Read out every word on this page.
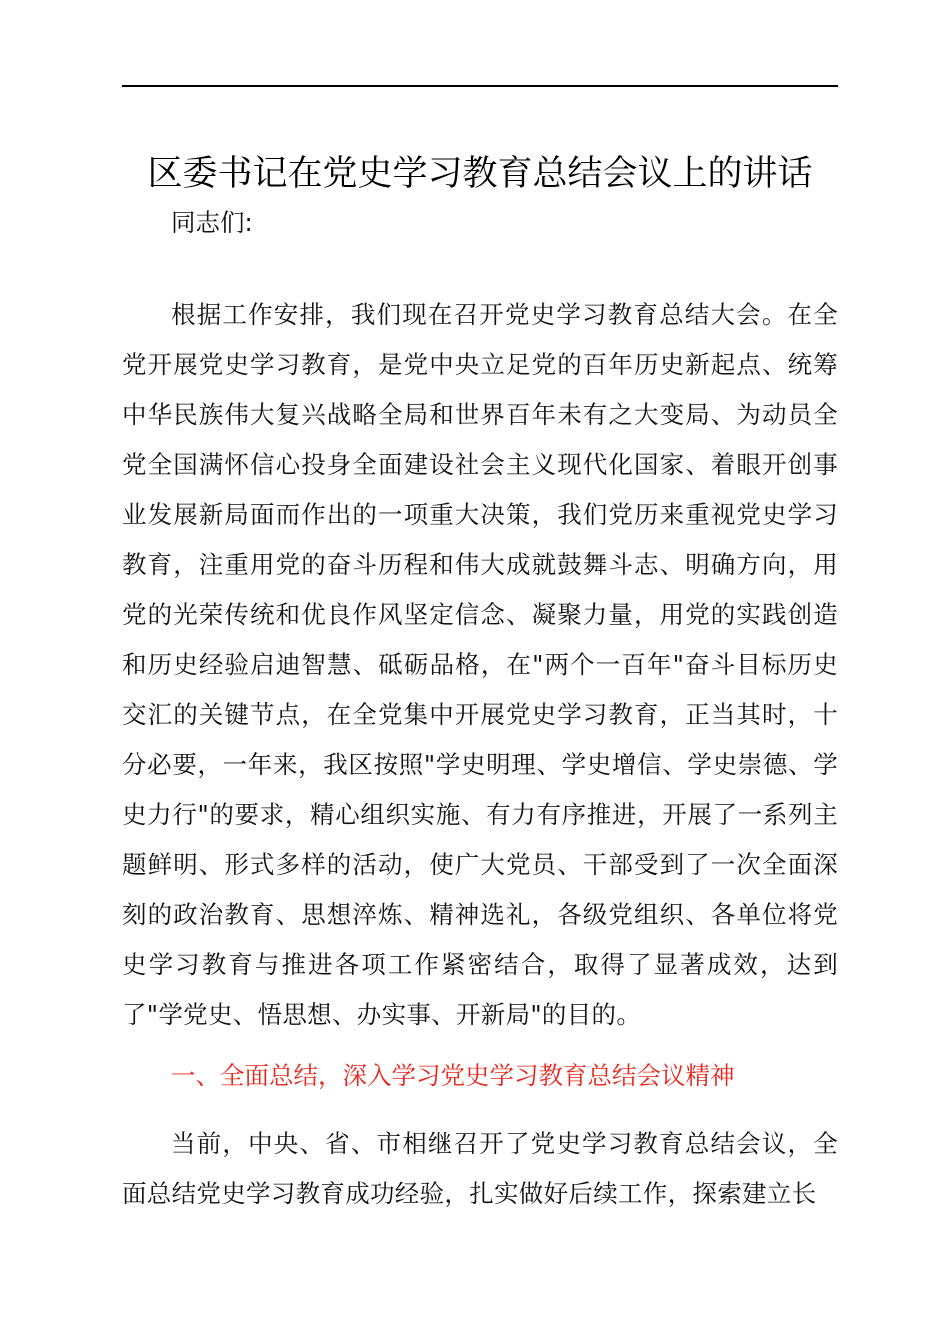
区委书记在党史学习教育总结会议上的讲话
同志们:
根据工作安排，我们现在召开党史学习教育总结大会。在全党开展党史学习教育，是党中央立足党的百年历史新起点、统筹中华民族伟大复兴战略全局和世界百年未有之大变局、为动员全党全国满怀信心投身全面建设社会主义现代化国家、着眼开创事业发展新局面而作出的一项重大决策，我们党历来重视党史学习教育，注重用党的奋斗历程和伟大成就鼓舞斗志、明确方向，用党的光荣传统和优良作风坚定信念、凝聚力量，用党的实践创造和历史经验启迪智慧、砥砺品格，在"两个一百年"奋斗目标历史交汇的关键节点，在全党集中开展党史学习教育，正当其时，十分必要，一年来，我区按照"学史明理、学史增信、学史崇德、学史力行"的要求，精心组织实施、有力有序推进，开展了一系列主题鲜明、形式多样的活动，使广大党员、干部受到了一次全面深刻的政治教育、思想淬炼、精神选礼，各级党组织、各单位将党史学习教育与推进各项工作紧密结合，取得了显著成效，达到了"学党史、悟思想、办实事、开新局"的目的。
一、全面总结，深入学习党史学习教育总结会议精神
当前，中央、省、市相继召开了党史学习教育总结会议，全面总结党史学习教育成功经验，扎实做好后续工作，探索建立长
